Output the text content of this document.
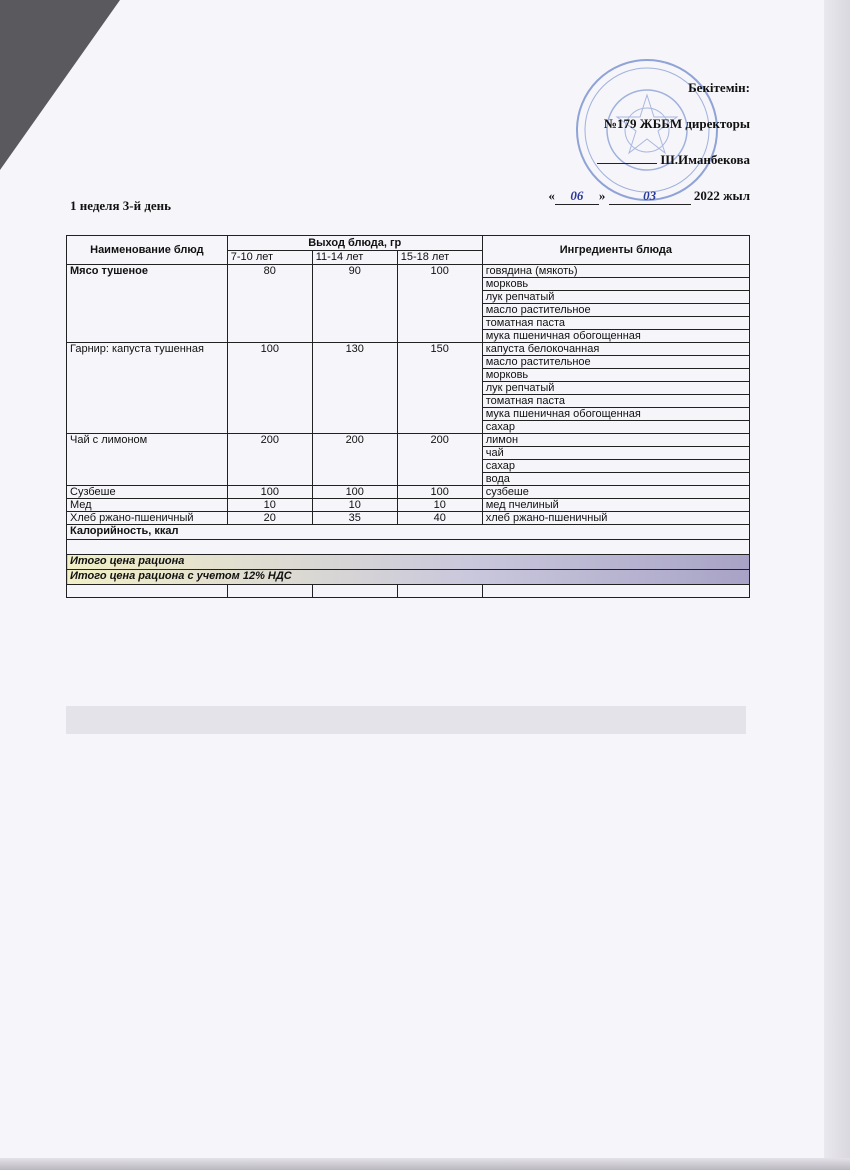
Бекітемін:
№179 ЖББМ директоры
Ш.Иманбекова
« 06 »	03	2022 жыл
1 неделя 3-й день
Наименование блюд	Выход блюда, гр			Ингредиенты блюда
	7-10 лет	11-14 лет	15-18 лет	
Мясо тушеное	80	90	100	говядина (мякоть)
				морковь
				лук репчатый
				масло растительное
				томатная паста
				мука пшеничная обогощенная
Гарнир: капуста тушенная	100	130	150	капуста белокочанная
				масло растительное
				морковь
				лук репчатый
				томатная паста
				мука пшеничная обогощенная
				сахар
Чай с лимоном	200	200	200	лимон
				чай
				сахар
				вода
Сузбеше	100	100	100	сузбеше
Мед	10	10	10	мед пчелиный
Хлеб ржано-пшеничный	20	35	40	хлеб ржано-пшеничный
Калорийность, ккал				

Итого цена рациона				
Итого цена рациона с учетом 12% НДС				
